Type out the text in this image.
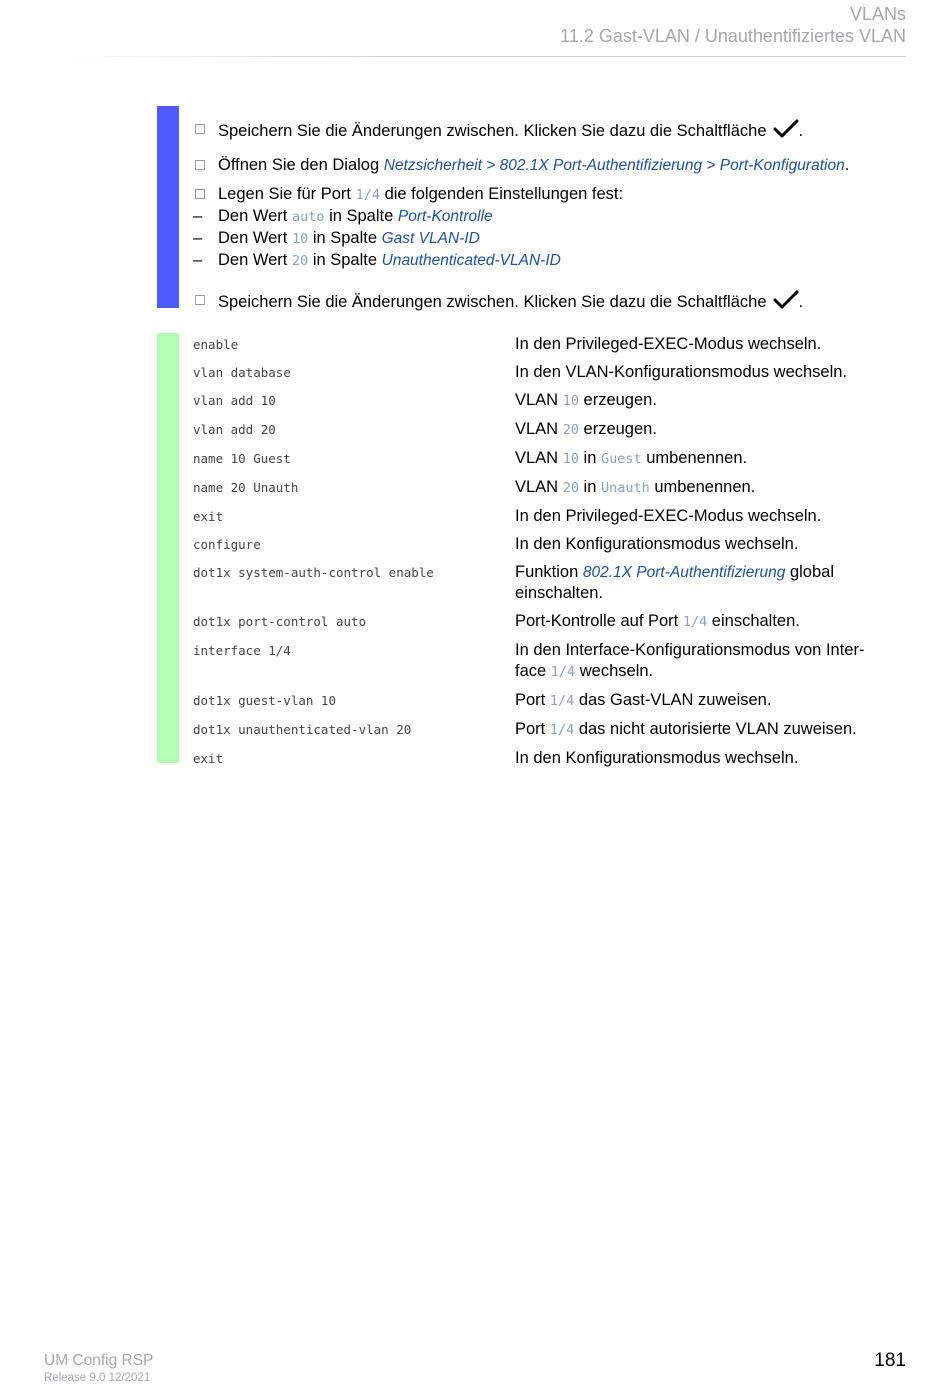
VLANs
11.2 Gast-VLAN / Unauthentifiziertes VLAN
Speichern Sie die Änderungen zwischen. Klicken Sie dazu die Schaltfläche .
Öffnen Sie den Dialog Netzsicherheit > 802.1X Port-Authentifizierung > Port-Konfiguration.
Legen Sie für Port 1/4 die folgenden Einstellungen fest:
– Den Wert auto in Spalte Port-Kontrolle
– Den Wert 10 in Spalte Gast VLAN-ID
– Den Wert 20 in Spalte Unauthenticated-VLAN-ID
Speichern Sie die Änderungen zwischen. Klicken Sie dazu die Schaltfläche .
enable	In den Privileged-EXEC-Modus wechseln.
vlan database	In den VLAN-Konfigurationsmodus wechseln.
vlan add 10	VLAN 10 erzeugen.
vlan add 20	VLAN 20 erzeugen.
name 10 Guest	VLAN 10 in Guest umbenennen.
name 20 Unauth	VLAN 20 in Unauth umbenennen.
exit	In den Privileged-EXEC-Modus wechseln.
configure	In den Konfigurationsmodus wechseln.
dot1x system-auth-control enable	Funktion 802.1X Port-Authentifizierung global einschalten.
dot1x port-control auto	Port-Kontrolle auf Port 1/4 einschalten.
interface 1/4	In den Interface-Konfigurationsmodus von Inter-
face 1/4 wechseln.
dot1x guest-vlan 10	Port 1/4 das Gast-VLAN zuweisen.
dot1x unauthenticated-vlan 20	Port 1/4 das nicht autorisierte VLAN zuweisen.
exit	In den Konfigurationsmodus wechseln.
UM Config RSP
Release 9.0 12/2021
181
